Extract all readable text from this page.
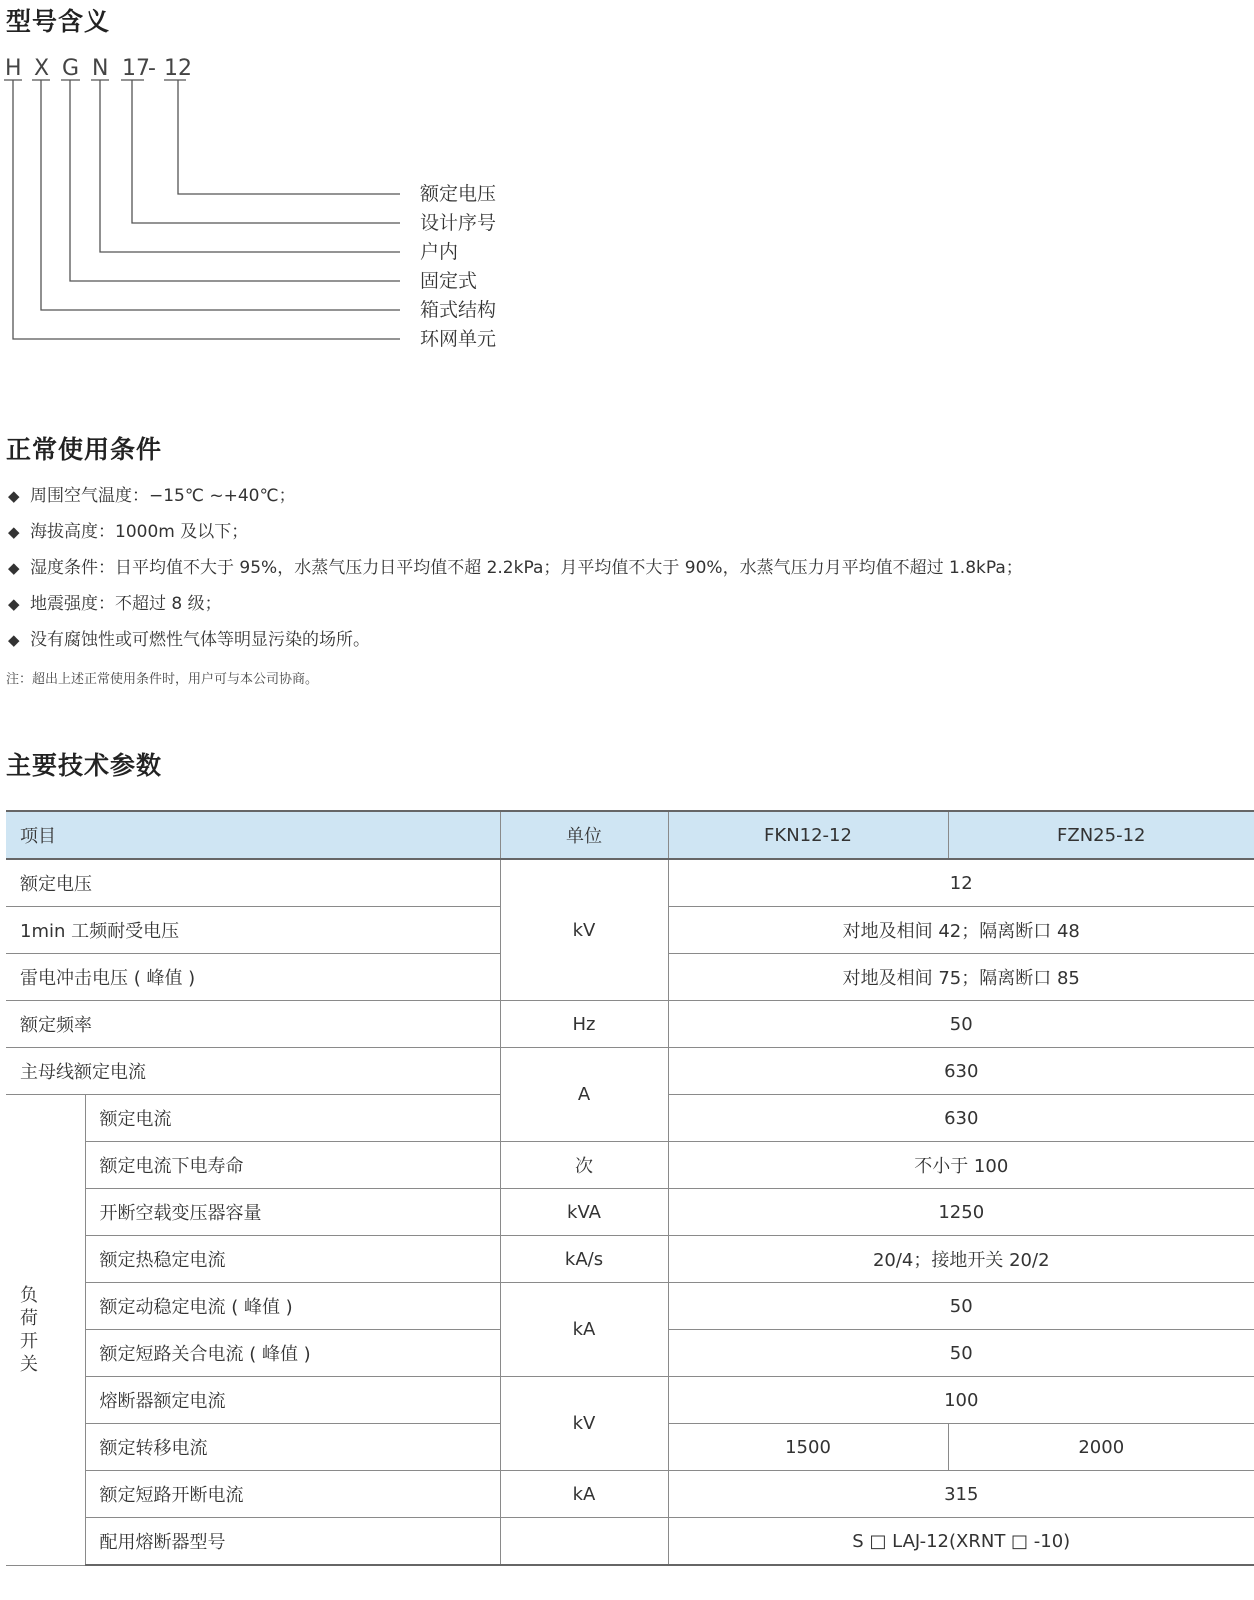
型号含义
H X G N 17
- 12
额定电压
设计序号
户内
固定式
箱式结构
环网单元
正常使用条件
◆ 周围空气温度：−15℃ ~+40℃；
◆ 海拔高度：1000m 及以下；
◆ 湿度条件：日平均值不大于 95%，水蒸气压力日平均值不超 2.2kPa；月平均值不大于 90%，水蒸气压力月平均值不超过 1.8kPa；
◆ 地震强度：不超过 8 级；
◆ 没有腐蚀性或可燃性气体等明显污染的场所。
注：超出上述正常使用条件时，用户可与本公司协商。
主要技术参数
项目		单位	FKN12-12	FZN25-12
额定电压		kV	12	
1min 工频耐受电压			对地及相间 42；隔离断口 48	
雷电冲击电压 ( 峰值 )			对地及相间 75；隔离断口 85	
额定频率		Hz	50	
主母线额定电流		A	630	

负
荷
开
关	额定电流		630	
	额定电流下电寿命	次	不小于 100	
	开断空载变压器容量	kVA	1250	
	额定热稳定电流	kA/s	20/4；接地开关 20/2	
	额定动稳定电流 ( 峰值 )	kA	50	
	额定短路关合电流 ( 峰值 )		50	
	熔断器额定电流	kV	100	
	额定转移电流		1500	2000
	额定短路开断电流	kA	315	
	配用熔断器型号		S □ LAJ-12(XRNT □ -10)	
